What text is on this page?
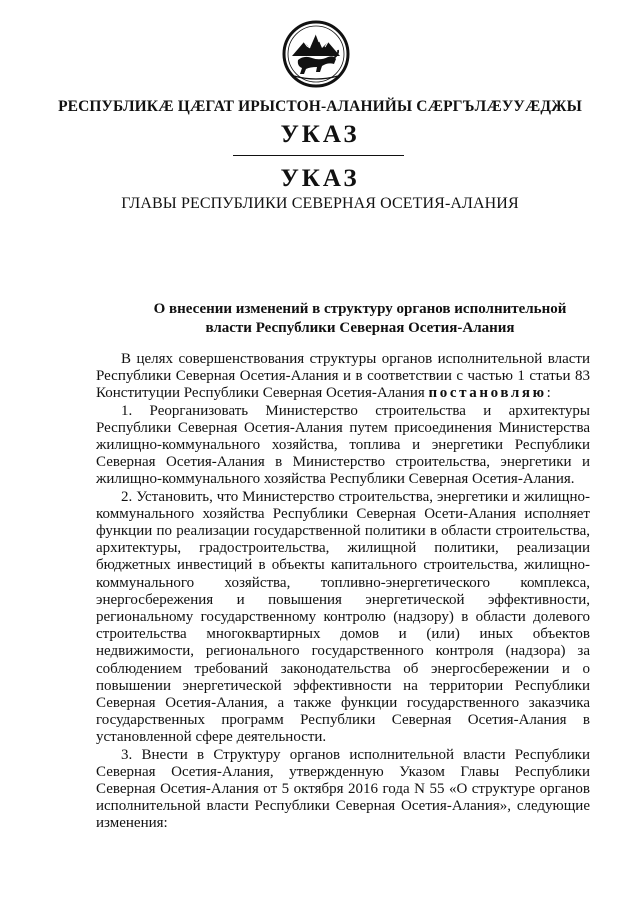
РЕСПУБЛИКӔ ЦӔГАТ ИРЫСТОН-АЛАНИЙЫ СӔРГЪЛӔУУӔДЖЫ
УКАЗ
УКАЗ
ГЛАВЫ РЕСПУБЛИКИ СЕВЕРНАЯ ОСЕТИЯ-АЛАНИЯ
О внесении изменений в структуру органов исполнительной
власти Республики Северная Осетия-Алания

В целях совершенствования структуры органов исполнительной власти Республики Северная Осетия-Алания и в соответствии с частью 1 статьи 83 Конституции Республики Северная Осетия-Алания постановляю:

1. Реорганизовать Министерство строительства и архитектуры Республики Северная Осетия-Алания путем присоединения Министерства жилищно-коммунального хозяйства, топлива и энергетики Республики Северная Осетия-Алания в Министерство строительства, энергетики и жилищно-коммунального хозяйства Республики Северная Осетия-Алания.

2. Установить, что Министерство строительства, энергетики и жилищно-коммунального хозяйства Республики Северная Осети-Алания исполняет функции по реализации государственной политики в области строительства, архитектуры, градостроительства, жилищной политики, реализации бюджетных инвестиций в объекты капитального строительства, жилищно-коммунального хозяйства, топливно-энергетического комплекса, энергосбережения и повышения энергетической эффективности, региональному государственному контролю (надзору) в области долевого строительства многоквартирных домов и (или) иных объектов недвижимости, регионального государственного контроля (надзора) за соблюдением требований законодательства об энергосбережении и о повышении энергетической эффективности на территории Республики Северная Осетия-Алания, а также функции государственного заказчика государственных программ Республики Северная Осетия-Алания в установленной сфере деятельности.

3. Внести в Структуру органов исполнительной власти Республики Северная Осетия-Алания, утвержденную Указом Главы Республики Северная Осетия-Алания от 5 октября 2016 года N 55 «О структуре органов исполнительной власти Республики Северная Осетия-Алания», следующие изменения:
